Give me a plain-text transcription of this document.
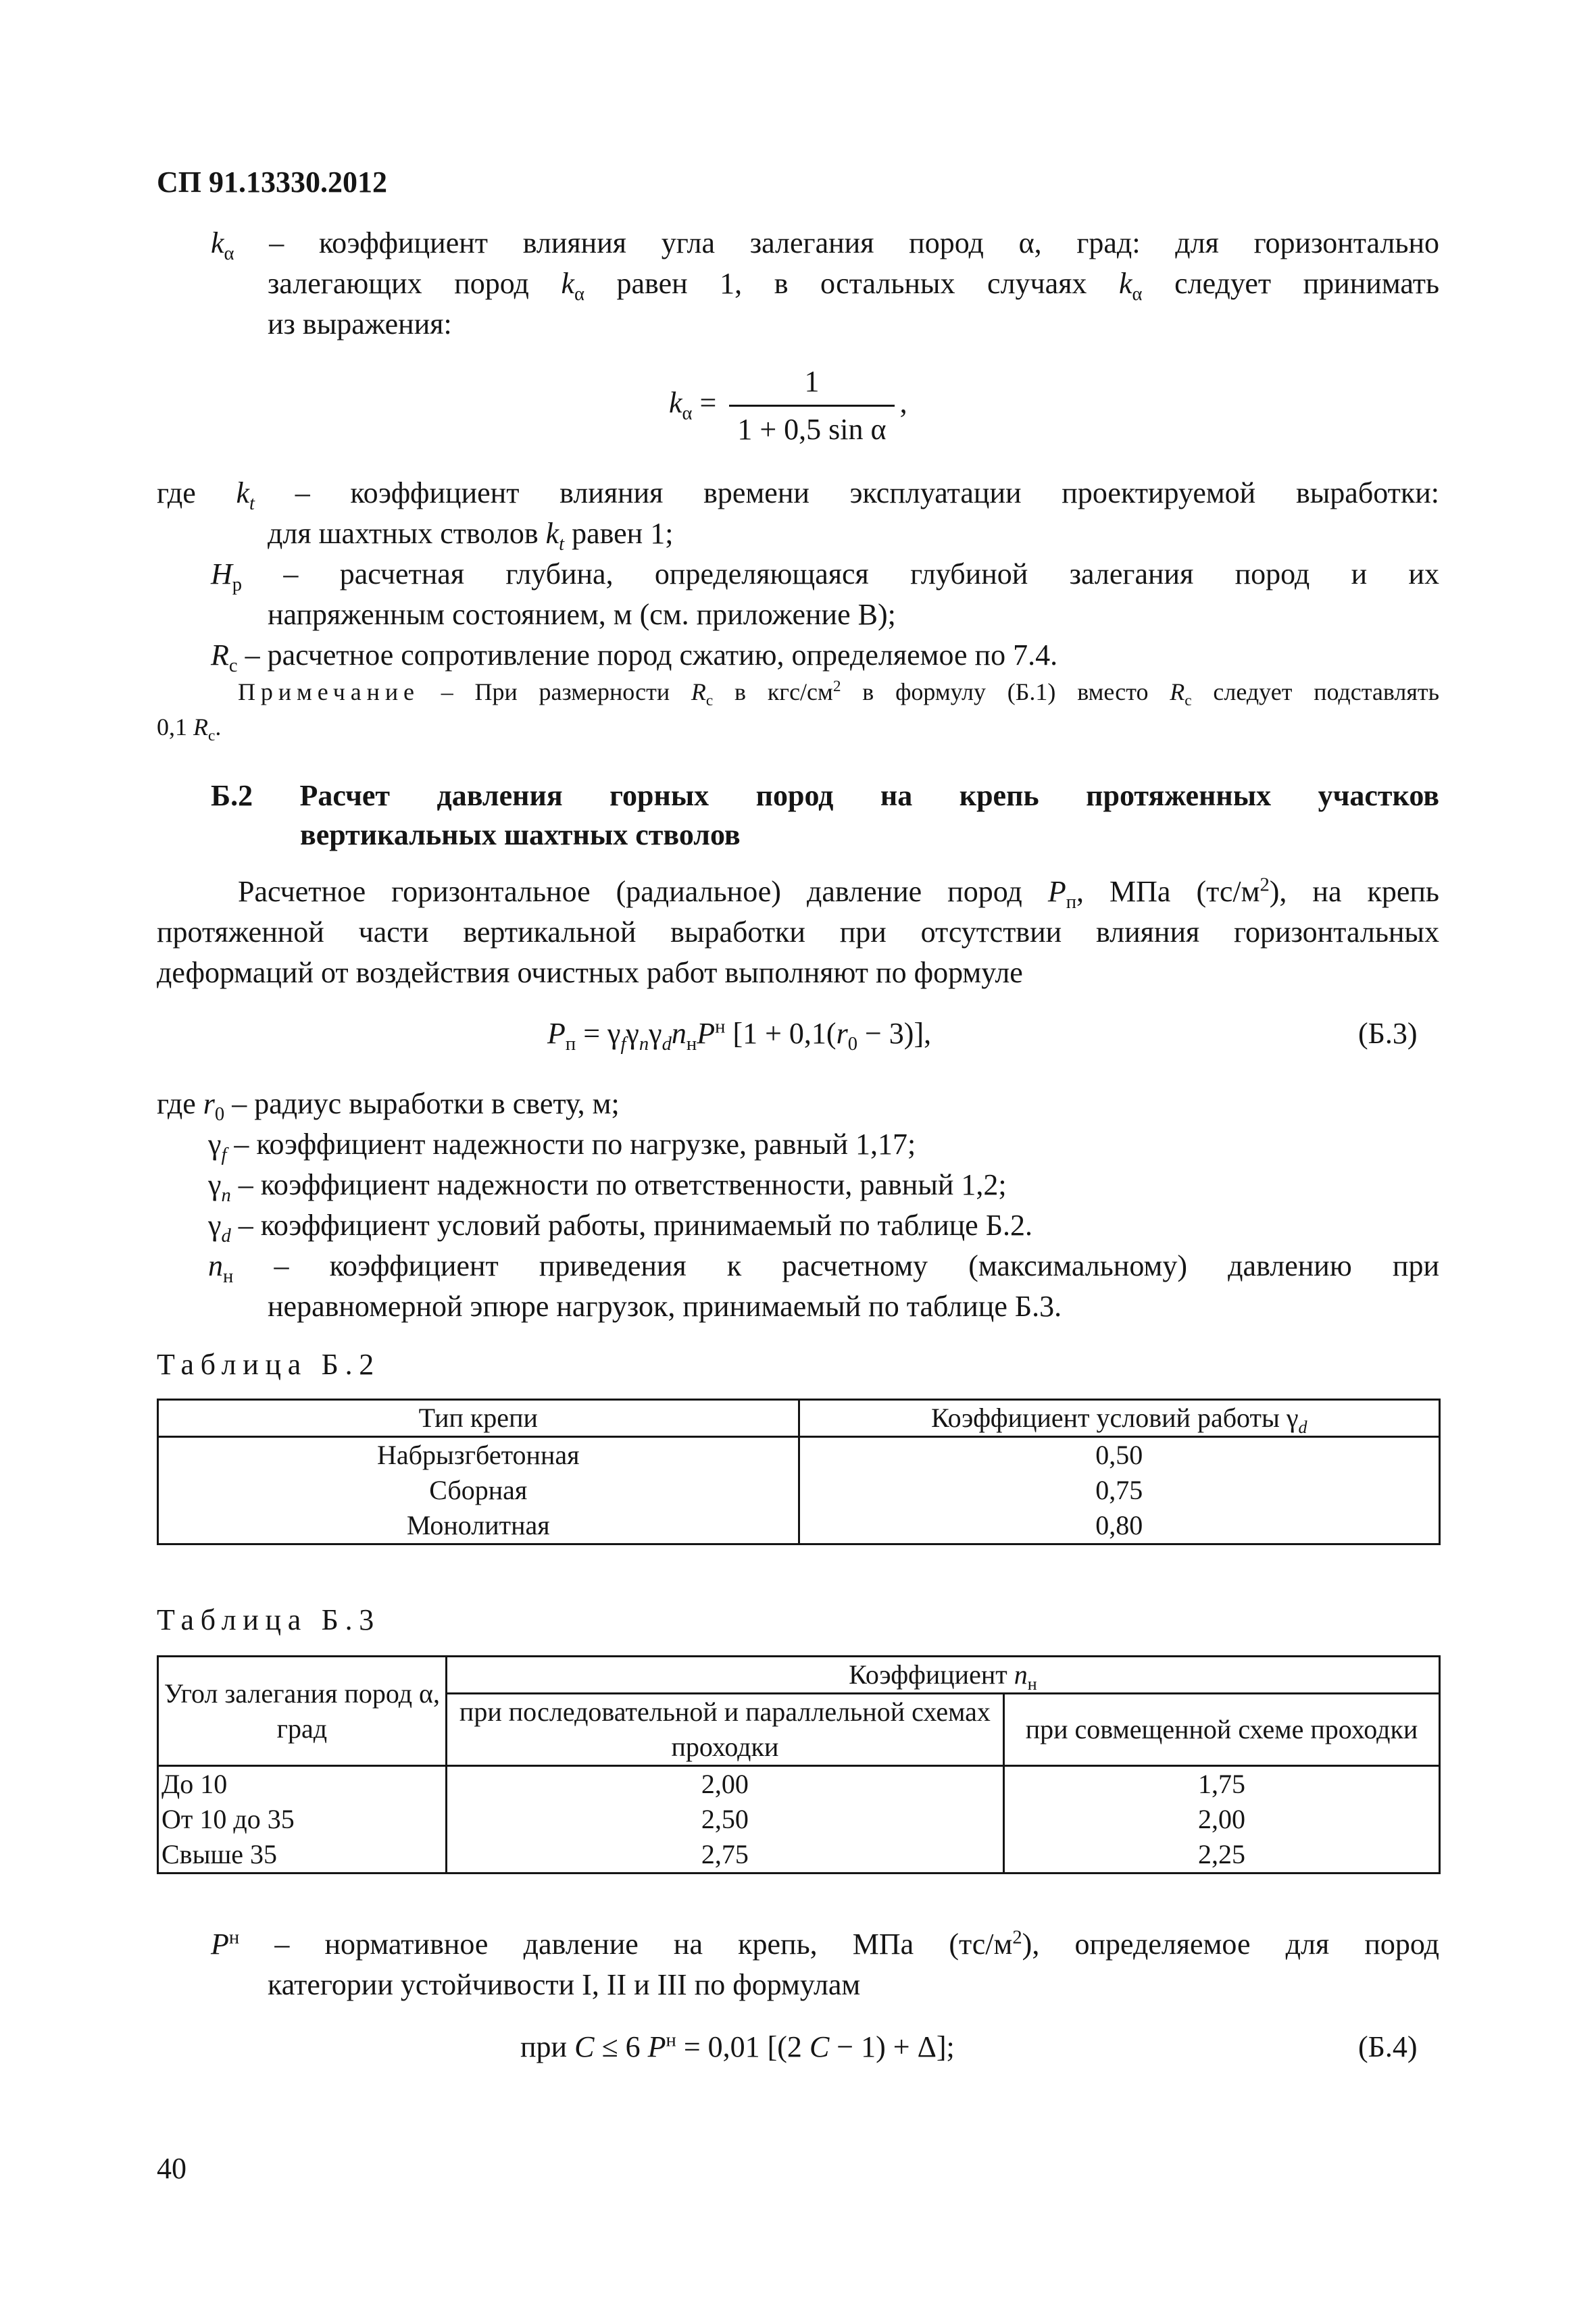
СП 91.13330.2012
$k_\alpha$ – коэффициент влияния угла залегания пород α, град: для горизонтально
залегающих пород $k_\alpha$ равен 1, в остальных случаях $k_\alpha$ следует принимать
из выражения:
$k_\alpha = \frac{1}{\text{1 + 0,5 sin α}}$ ,
где $k_t$ – коэффициент влияния времени эксплуатации проектируемой выработки:
для шахтных стволов $k_t$ равен 1;
$H_р$ – расчетная глубина, определяющаяся глубиной залегания пород и их
напряженным состоянием, м (см. приложение В);
$R_c$ – расчетное сопротивление пород сжатию, определяемое по 7.4.
Примечание – При размерности $R_c$ в кгс/$см^2$ в формулу (Б.1) вместо $R_c$ следует подставлять
0,1 $R_c$.
Б.2 Расчет давления горных пород на крепь протяженных участков
вертикальных шахтных стволов
Расчетное горизонтальное (радиальное) давление пород $P_п$, МПа $(тс/м^2)$, на крепь
протяженной части вертикальной выработки при отсутствии влияния горизонтальных
деформаций от воздействия очистных работ выполняют по формуле
$P_п = \gamma_f\gamma_n\gamma_dn_нP^н$ $[1 + 0,1(r_0 - 3)]$,	(Б.3)
где $r_0$ – радиус выработки в свету, м;
$\gamma_f$ – коэффициент надежности по нагрузке, равный 1,17;
$\gamma_n$ – коэффициент надежности по ответственности, равный 1,2;
$\gamma_d$ – коэффициент условий работы, принимаемый по таблице Б.2.
$n_н$ – коэффициент приведения к расчетному (максимальному) давлению при
неравномерной эпюре нагрузок, принимаемый по таблице Б.3.
Таблица Б.2
Тип крепи	Коэффициент условий работы $\gamma_d$
Набрызгбетонная	0,50
Сборная	0,75
Монолитная	0,80
Таблица Б.3
Угол залегания пород α, град	Коэффициент $n_н$
	при последовательной и параллельной схемах проходки	при совмещенной схеме проходки
До 10	2,00	1,75
От 10 до 35	2,50	2,00
Свыше 35	2,75	2,25
$P^н$ – нормативное давление на крепь, МПа $(тс/м^2)$, определяемое для пород
категории устойчивости I, II и III по формулам
при C ≤ 6 $P^н = 0,01$ [(2 C − 1) + Δ];	(Б.4)
40
